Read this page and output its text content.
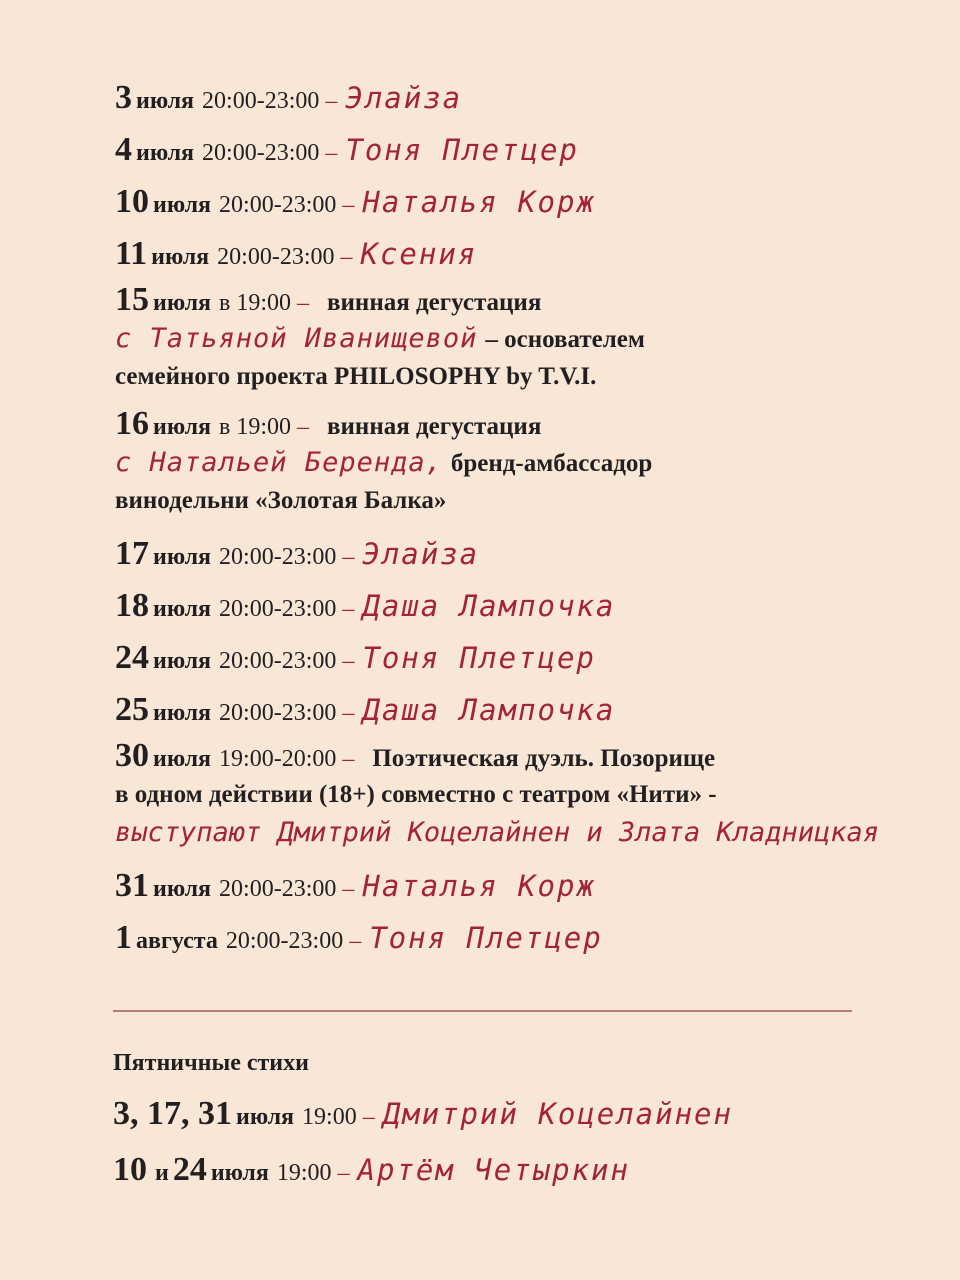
3 июля 20:00-23:00 – Элайза
4 июля 20:00-23:00 – Тоня Плетцер
10 июля 20:00-23:00 – Наталья Корж
11 июля 20:00-23:00 – Ксения
15 июля в 19:00 – винная дегустация
с Татьяной Иванищевой – основателем
семейного проекта PHILOSOPHY by T.V.I.
16 июля в 19:00 – винная дегустация
с Натальей Беренда, бренд-амбассадор
винодельни «Золотая Балка»
17 июля 20:00-23:00 – Элайза
18 июля 20:00-23:00 – Даша Лампочка
24 июля 20:00-23:00 – Тоня Плетцер
25 июля 20:00-23:00 – Даша Лампочка
30 июля 19:00-20:00 – Поэтическая дуэль. Позорище
в одном действии (18+) совместно с театром «Нити» -
выступают Дмитрий Коцелайнен и Злата Кладницкая
31 июля 20:00-23:00 – Наталья Корж
1 августа 20:00-23:00 – Тоня Плетцер
Пятничные стихи
3, 17, 31 июля 19:00 – Дмитрий Коцелайнен
10 и 24 июля 19:00 – Артём Четыркин
